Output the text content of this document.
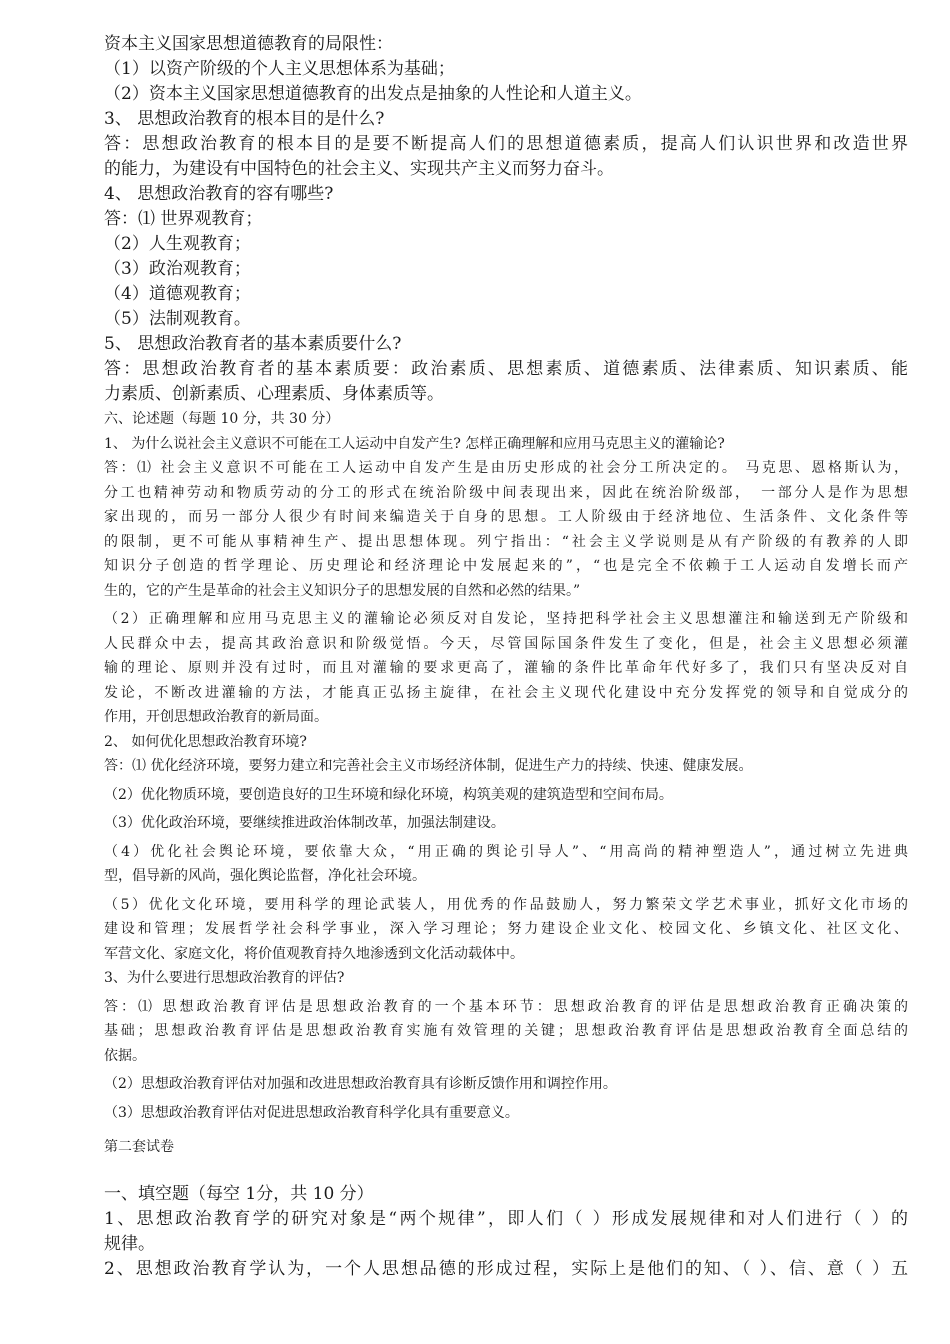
资本主义国家思想道德教育的局限性：
（1）以资产阶级的个人主义思想体系为基础；
（2）资本主义国家思想道德教育的出发点是抽象的人性论和人道主义。
3、 思想政治教育的根本目的是什么?
答：思想政治教育的根本目的是要不断提高人们的思想道德素质，提高人们认识世界和改造世界
的能力，为建设有中国特色的社会主义、实现共产主义而努力奋斗。
4、 思想政治教育的容有哪些?
答：⑴ 世界观教育；
（2）人生观教育；
（3）政治观教育；
（4）道德观教育；
（5）法制观教育。
5、 思想政治教育者的基本素质要什么?
答：思想政治教育者的基本素质要：政治素质、思想素质、道德素质、法律素质、知识素质、能
力素质、创新素质、心理素质、身体素质等。
六、论述题（每题 10 分，共 30 分）
1、 为什么说社会主义意识不可能在工人运动中自发产生? 怎样正确理解和应用马克思主义的灌输论?
答：⑴ 社会主义意识不可能在工人运动中自发产生是由历史形成的社会分工所决定的。 马克思、恩格斯认为，
分工也精神劳动和物质劳动的分工的形式在统治阶级中间表现出来，因此在统治阶级部，　一部分人是作为思想
家出现的，而另一部分人很少有时间来编造关于自身的思想。工人阶级由于经济地位、生活条件、文化条件等
的限制，更不可能从事精神生产、提出思想体现。列宁指出：“社会主义学说则是从有产阶级的有教养的人即
知识分子创造的哲学理论、历史理论和经济理论中发展起来的”，“也是完全不依赖于工人运动自发增长而产
生的，它的产生是革命的社会主义知识分子的思想发展的自然和必然的结果。”
（2）正确理解和应用马克思主义的灌输论必须反对自发论，坚持把科学社会主义思想灌注和输送到无产阶级和
人民群众中去，提高其政治意识和阶级觉悟。今天，尽管国际国条件发生了变化，但是，社会主义思想必须灌
输的理论、原则并没有过时，而且对灌输的要求更高了，灌输的条件比革命年代好多了，我们只有坚决反对自
发论，不断改进灌输的方法，才能真正弘扬主旋律，在社会主义现代化建设中充分发挥党的领导和自觉成分的
作用，开创思想政治教育的新局面。
2、 如何优化思想政治教育环境?
答：⑴ 优化经济环境，要努力建立和完善社会主义市场经济体制，促进生产力的持续、快速、健康发展。
（2）优化物质环境，要创造良好的卫生环境和绿化环境，构筑美观的建筑造型和空间布局。
（3）优化政治环境，要继续推进政治体制改革，加强法制建设。
（4）优化社会舆论环境，要依靠大众，“用正确的舆论引导人”、“用高尚的精神塑造人”，通过树立先进典
型，倡导新的风尚，强化舆论监督，净化社会环境。
（5）优化文化环境，要用科学的理论武装人，用优秀的作品鼓励人，努力繁荣文学艺术事业，抓好文化市场的
建设和管理；发展哲学社会科学事业，深入学习理论；努力建设企业文化、校园文化、乡镇文化、社区文化、
军营文化、家庭文化，将价值观教育持久地渗透到文化活动载体中。
3、为什么要进行思想政治教育的评估?
答：⑴ 思想政治教育评估是思想政治教育的一个基本环节：思想政治教育的评估是思想政治教育正确决策的
基础；思想政治教育评估是思想政治教育实施有效管理的关键；思想政治教育评估是思想政治教育全面总结的
依据。
（2）思想政治教育评估对加强和改进思想政治教育具有诊断反馈作用和调控作用。
（3）思想政治教育评估对促进思想政治教育科学化具有重要意义。
第二套试卷
一、填空题（每空 1分，共 10 分）
1、思想政治教育学的研究对象是“两个规律”，即人们（ ）形成发展规律和对人们进行（ ）的
规律。
2、思想政治教育学认为，一个人思想品德的形成过程，实际上是他们的知、（ ）、信、意（ ）五
